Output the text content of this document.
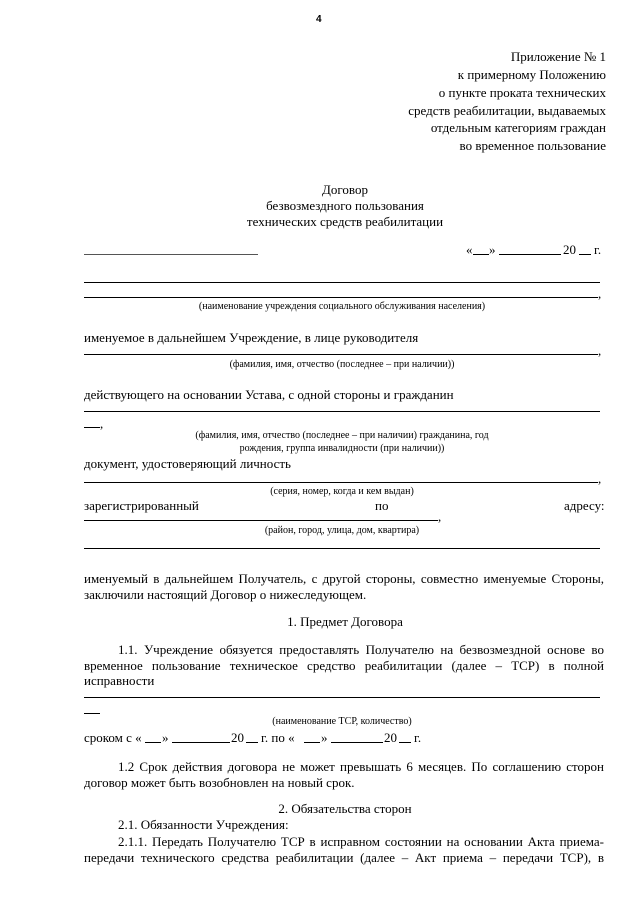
4
Приложение № 1
к примерному Положению
о пункте проката технических
средств реабилитации, выдаваемых
отдельным категориям граждан
во временное пользование
Договор
безвозмездного пользования
технических средств реабилитации
« »	20 г.
,
(наименование учреждения социального обслуживания населения)
именуемое в дальнейшем Учреждение, в лице руководителя
,
(фамилия, имя, отчество (последнее – при наличии))
действующего на основании Устава, с одной стороны и гражданин
,
(фамилия, имя, отчество (последнее – при наличии) гражданина, год
рождения, группа инвалидности (при наличии))
документ, удостоверяющий личность
,
(серия, номер, когда и кем выдан)
зарегистрированный	по	адресу:
,
(район, город, улица, дом, квартира)
именуемый в дальнейшем Получатель, с другой стороны, совместно именуемые Стороны,
заключили настоящий Договор о нижеследующем.
1. Предмет Договора
1.1. Учреждение обязуется предоставлять Получателю на безвозмездной основе во
временное пользование техническое средство реабилитации (далее – ТСР) в полной
исправности
(наименование ТСР, количество)
сроком с « »	20 г. по « »	20 г.
1.2 Срок действия договора не может превышать 6 месяцев. По соглашению сторон
договор может быть возобновлен на новый срок.
2. Обязательства сторон
2.1. Обязанности Учреждения:
2.1.1. Передать Получателю ТСР в исправном состоянии на основании Акта приема-
передачи технического средства реабилитации (далее – Акт приема – передачи ТСР), в
